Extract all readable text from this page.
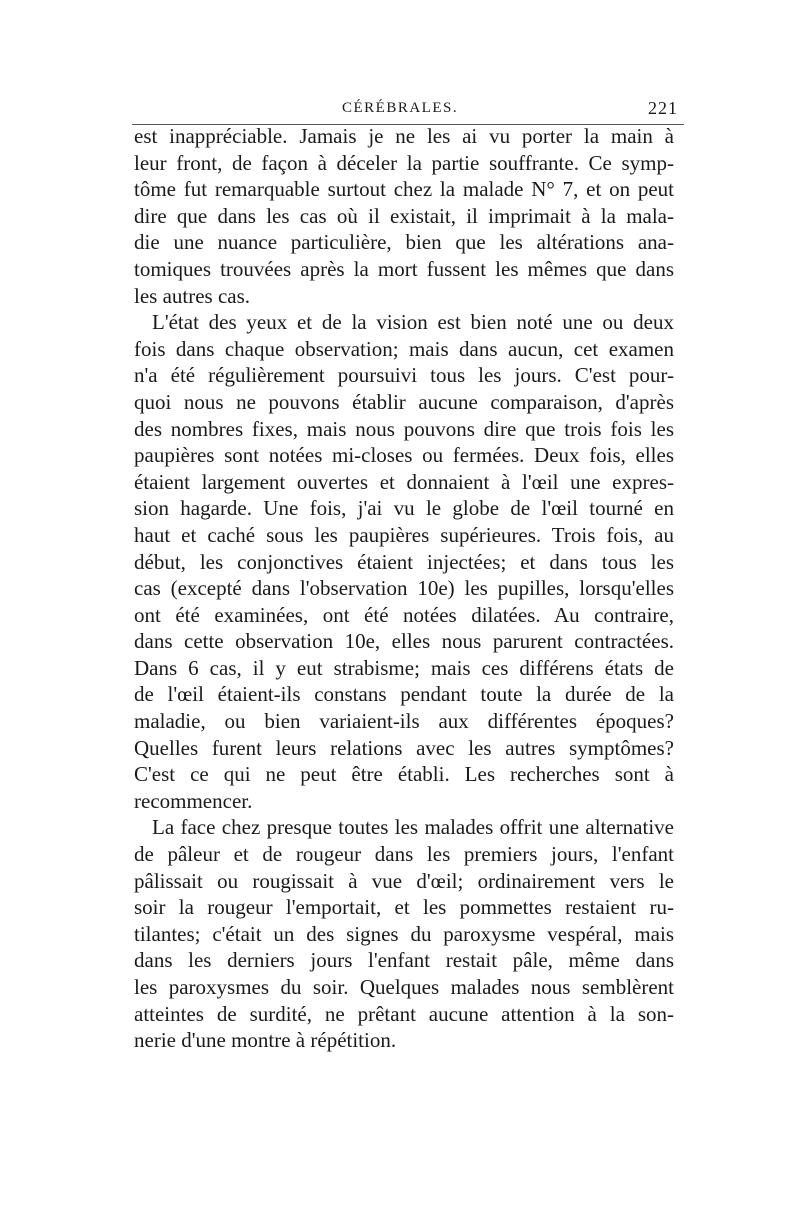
CÉRÉBRALES.	221
est inappréciable. Jamais je ne les ai vu porter la main à
leur front, de façon à déceler la partie souffrante. Ce symp-
tôme fut remarquable surtout chez la malade N° 7, et on peut
dire que dans les cas où il existait, il imprimait à la mala-
die une nuance particulière, bien que les altérations ana-
tomiques trouvées après la mort fussent les mêmes que dans
les autres cas.
L'état des yeux et de la vision est bien noté une ou deux
fois dans chaque observation; mais dans aucun, cet examen
n'a été régulièrement poursuivi tous les jours. C'est pour-
quoi nous ne pouvons établir aucune comparaison, d'après
des nombres fixes, mais nous pouvons dire que trois fois les
paupières sont notées mi-closes ou fermées. Deux fois, elles
étaient largement ouvertes et donnaient à l'œil une expres-
sion hagarde. Une fois, j'ai vu le globe de l'œil tourné en
haut et caché sous les paupières supérieures. Trois fois, au
début, les conjonctives étaient injectées; et dans tous les
cas (excepté dans l'observation 10e) les pupilles, lorsqu'elles
ont été examinées, ont été notées dilatées. Au contraire,
dans cette observation 10e, elles nous parurent contractées.
Dans 6 cas, il y eut strabisme; mais ces différens états de
de l'œil étaient-ils constans pendant toute la durée de la
maladie, ou bien variaient-ils aux différentes époques?
Quelles furent leurs relations avec les autres symptômes?
C'est ce qui ne peut être établi. Les recherches sont à
recommencer.
La face chez presque toutes les malades offrit une alternative
de pâleur et de rougeur dans les premiers jours, l'enfant
pâlissait ou rougissait à vue d'œil; ordinairement vers le
soir la rougeur l'emportait, et les pommettes restaient ru-
tilantes; c'était un des signes du paroxysme vespéral, mais
dans les derniers jours l'enfant restait pâle, même dans
les paroxysmes du soir. Quelques malades nous semblèrent
atteintes de surdité, ne prêtant aucune attention à la son-
nerie d'une montre à répétition.
